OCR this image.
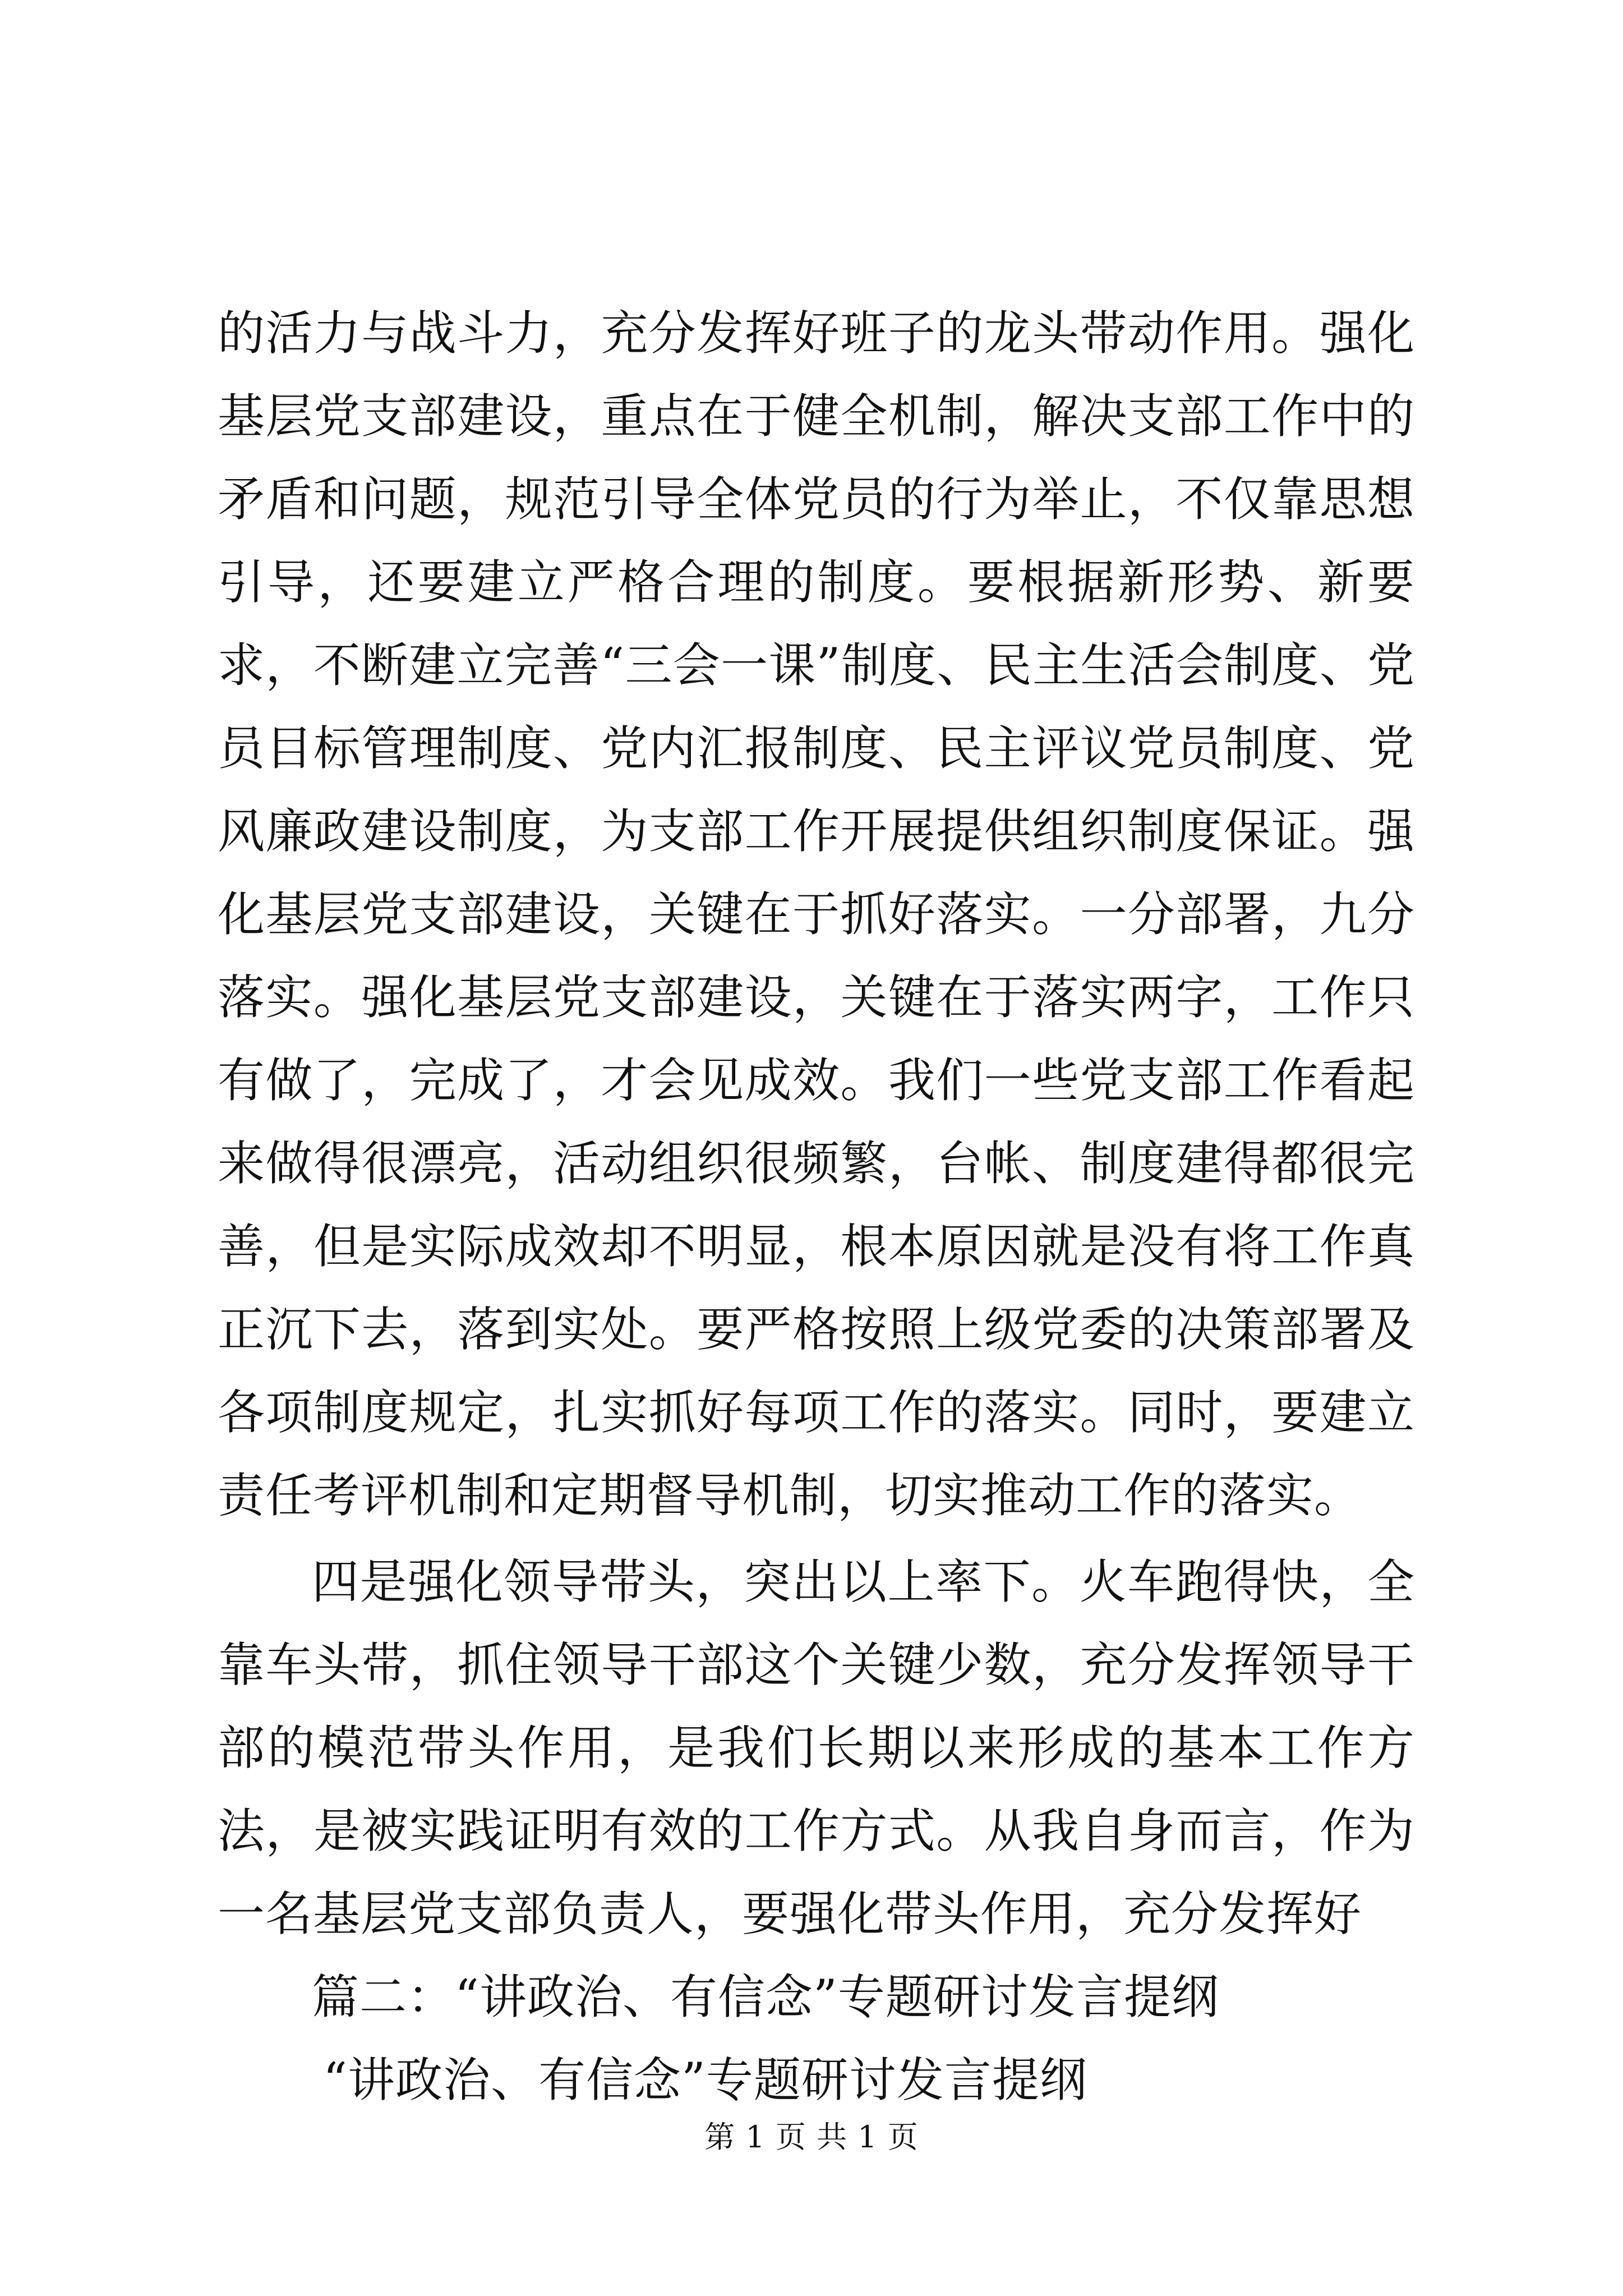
的活力与战斗力，充分发挥好班子的龙头带动作用。强化基层党支部建设，重点在于健全机制，解决支部工作中的矛盾和问题，规范引导全体党员的行为举止，不仅靠思想引导，还要建立严格合理的制度。要根据新形势、新要求，不断建立完善“三会一课”制度、民主生活会制度、党员目标管理制度、党内汇报制度、民主评议党员制度、党风廉政建设制度，为支部工作开展提供组织制度保证。强化基层党支部建设，关键在于抓好落实。一分部署，九分落实。强化基层党支部建设，关键在于落实两字，工作只有做了，完成了，才会见成效。我们一些党支部工作看起来做得很漂亮，活动组织很频繁，台帐、制度建得都很完善，但是实际成效却不明显，根本原因就是没有将工作真正沉下去，落到实处。要严格按照上级党委的决策部署及各项制度规定，扎实抓好每项工作的落实。同时，要建立责任考评机制和定期督导机制，切实推动工作的落实。

四是强化领导带头，突出以上率下。火车跑得快，全靠车头带，抓住领导干部这个关键少数，充分发挥领导干部的模范带头作用，是我们长期以来形成的基本工作方法，是被实践证明有效的工作方式。从我自身而言，作为一名基层党支部负责人，要强化带头作用，充分发挥好

篇二：“讲政治、有信念”专题研讨发言提纲

“讲政治、有信念”专题研讨发言提纲

第 1 页 共 1 页
